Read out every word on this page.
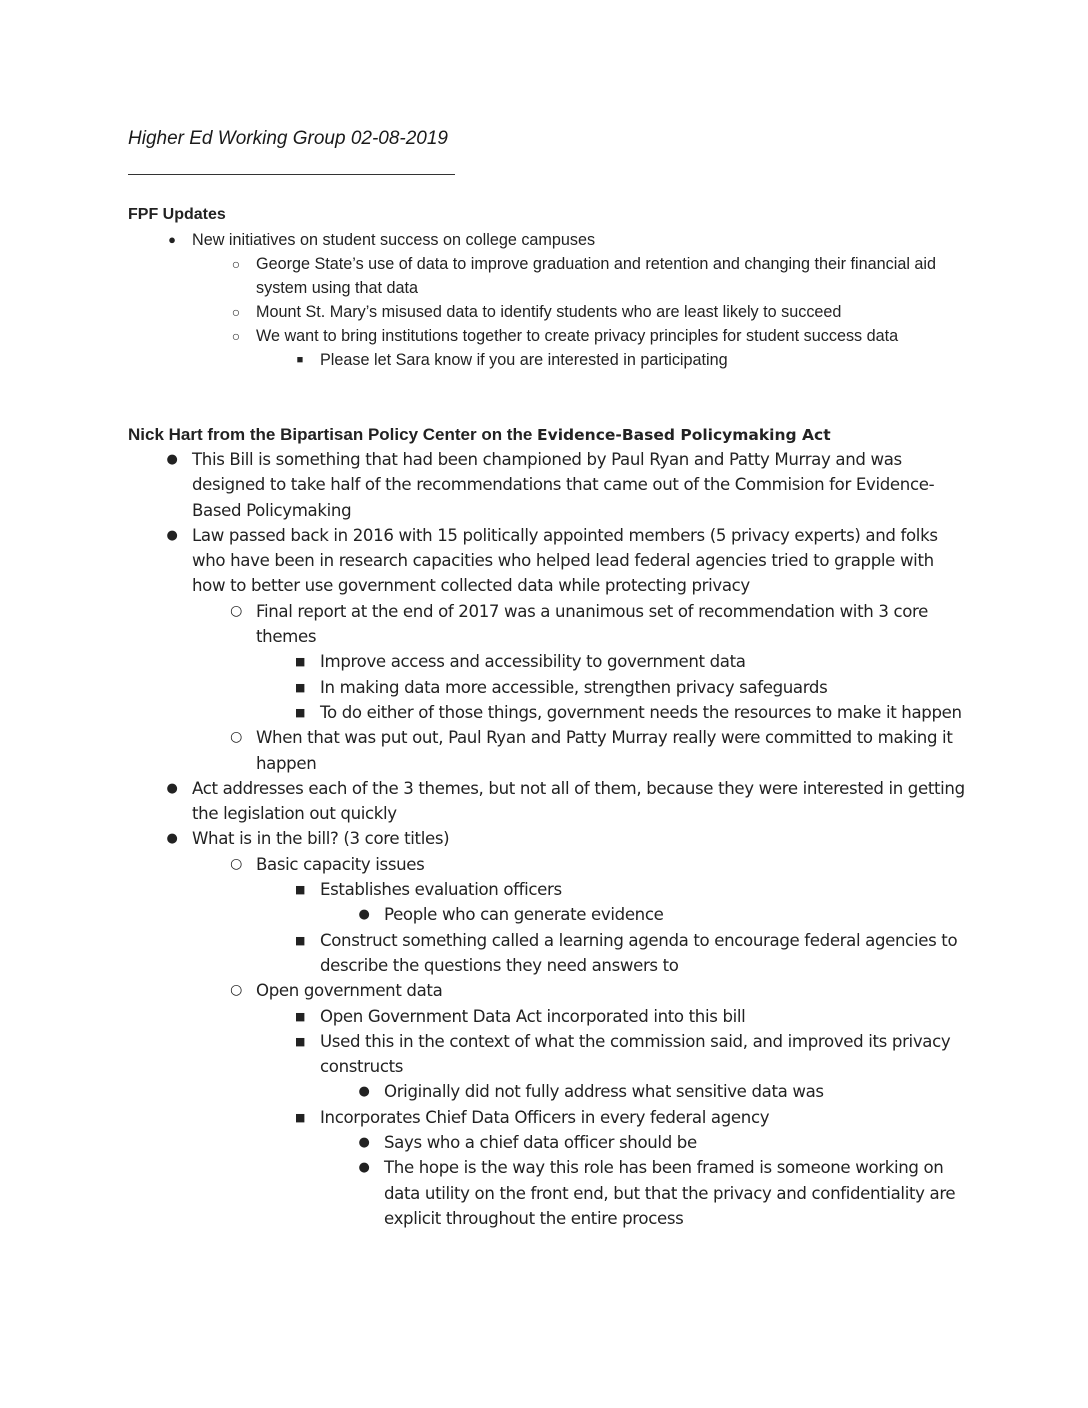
Higher Ed Working Group 02-08-2019
FPF Updates
● New initiatives on student success on college campuses
○ George State’s use of data to improve graduation and retention and changing their financial aid system using that data
○ Mount St. Mary’s misused data to identify students who are least likely to succeed
○ We want to bring institutions together to create privacy principles for student success data
■	Please let Sara know if you are interested in participating
Nick Hart from the Bipartisan Policy Center on the Evidence-Based Policymaking Act
● This Bill is something that had been championed by Paul Ryan and Patty Murray and was designed to take half of the recommendations that came out of the Commision for Evidence-Based Policymaking
● Law passed back in 2016 with 15 politically appointed members (5 privacy experts) and folks who have been in research capacities who helped lead federal agencies tried to grapple with how to better use government collected data while protecting privacy
○ Final report at the end of 2017 was a unanimous set of recommendation with 3 core themes
■ Improve access and accessibility to government data
■ In making data more accessible, strengthen privacy safeguards
■ To do either of those things, government needs the resources to make it happen
○ When that was put out, Paul Ryan and Patty Murray really were committed to making it happen
● Act addresses each of the 3 themes, but not all of them, because they were interested in getting the legislation out quickly
● What is in the bill? (3 core titles)
○ Basic capacity issues
■ Establishes evaluation officers
● People who can generate evidence
■ Construct something called a learning agenda to encourage federal agencies to describe the questions they need answers to
○ Open government data
■ Open Government Data Act incorporated into this bill
■ Used this in the context of what the commission said, and improved its privacy constructs
● Originally did not fully address what sensitive data was
■ Incorporates Chief Data Officers in every federal agency
● Says who a chief data officer should be
● The hope is the way this role has been framed is someone working on data utility on the front end, but that the privacy and confidentiality are explicit throughout the entire process
